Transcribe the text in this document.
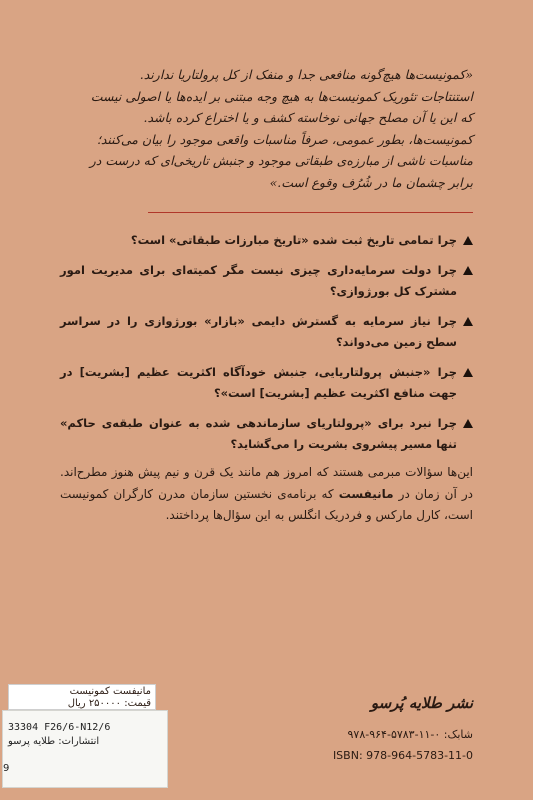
«کمونیست‌ها هیچ‌گونه منافعی جدا و منفک از کل پرولتاریا ندارند.

استنتاجات تئوریک کمونیست‌ها به هیچ وجه مبتنی بر ایده‌ها یا اصولی نیست

که این یا آن مصلح جهانی نوخاسته کشف و یا اختراع کرده باشد.

کمونیست‌ها، بطور عمومی، صرفاً مناسبات واقعی موجود را بیان می‌کنند؛

مناسبات ناشی از مبارزه‌ی طبقاتی موجود و جنبش تاریخی‌ای که درست در

برابر چشمان ما در شُرُف وقوع است.»

چرا تمامی تاریخ ثبت شده «تاریخ مبارزات طبقاتی» است؟
چرا دولت سرمایه‌داری چیزی نیست مگر کمیته‌ای برای مدیریت امور مشترک کل بورژوازی؟
چرا نیاز سرمایه به گسترش دایمی «بازار» بورژوازی را در سراسر سطح زمین می‌دواند؟
چرا «جنبش پرولتاریایی، جنبش خودآگاه اکثریت عظیم [بشریت] در جهت منافع اکثریت عظیم [بشریت] است»؟
چرا نبرد برای «پرولتاریای سازماندهی شده به عنوان طبقه‌ی حاکم» تنها مسیر پیشروی بشریت را می‌گشاید؟

این‌ها سؤالات مبرمی هستند که امروز هم مانند یک قرن و نیم پیش هنوز مطرح‌اند. در آن زمان در مانیفست که برنامه‌ی نخستین سازمان مدرن کارگران کمونیست است، کارل مارکس و فردریک انگلس به این سؤال‌ها پرداختند.

نشر طلایه پُرسو
شابک: ۰-۱۱-۵۷۸۳-۹۶۴-۹۷۸
ISBN: 978-964-5783-11-0
مانیفست کمونیست
قیمت: ۲۵۰۰۰۰ ریال
9
33304 F26/6-N12/6
انتشارات: طلایه پرسو
